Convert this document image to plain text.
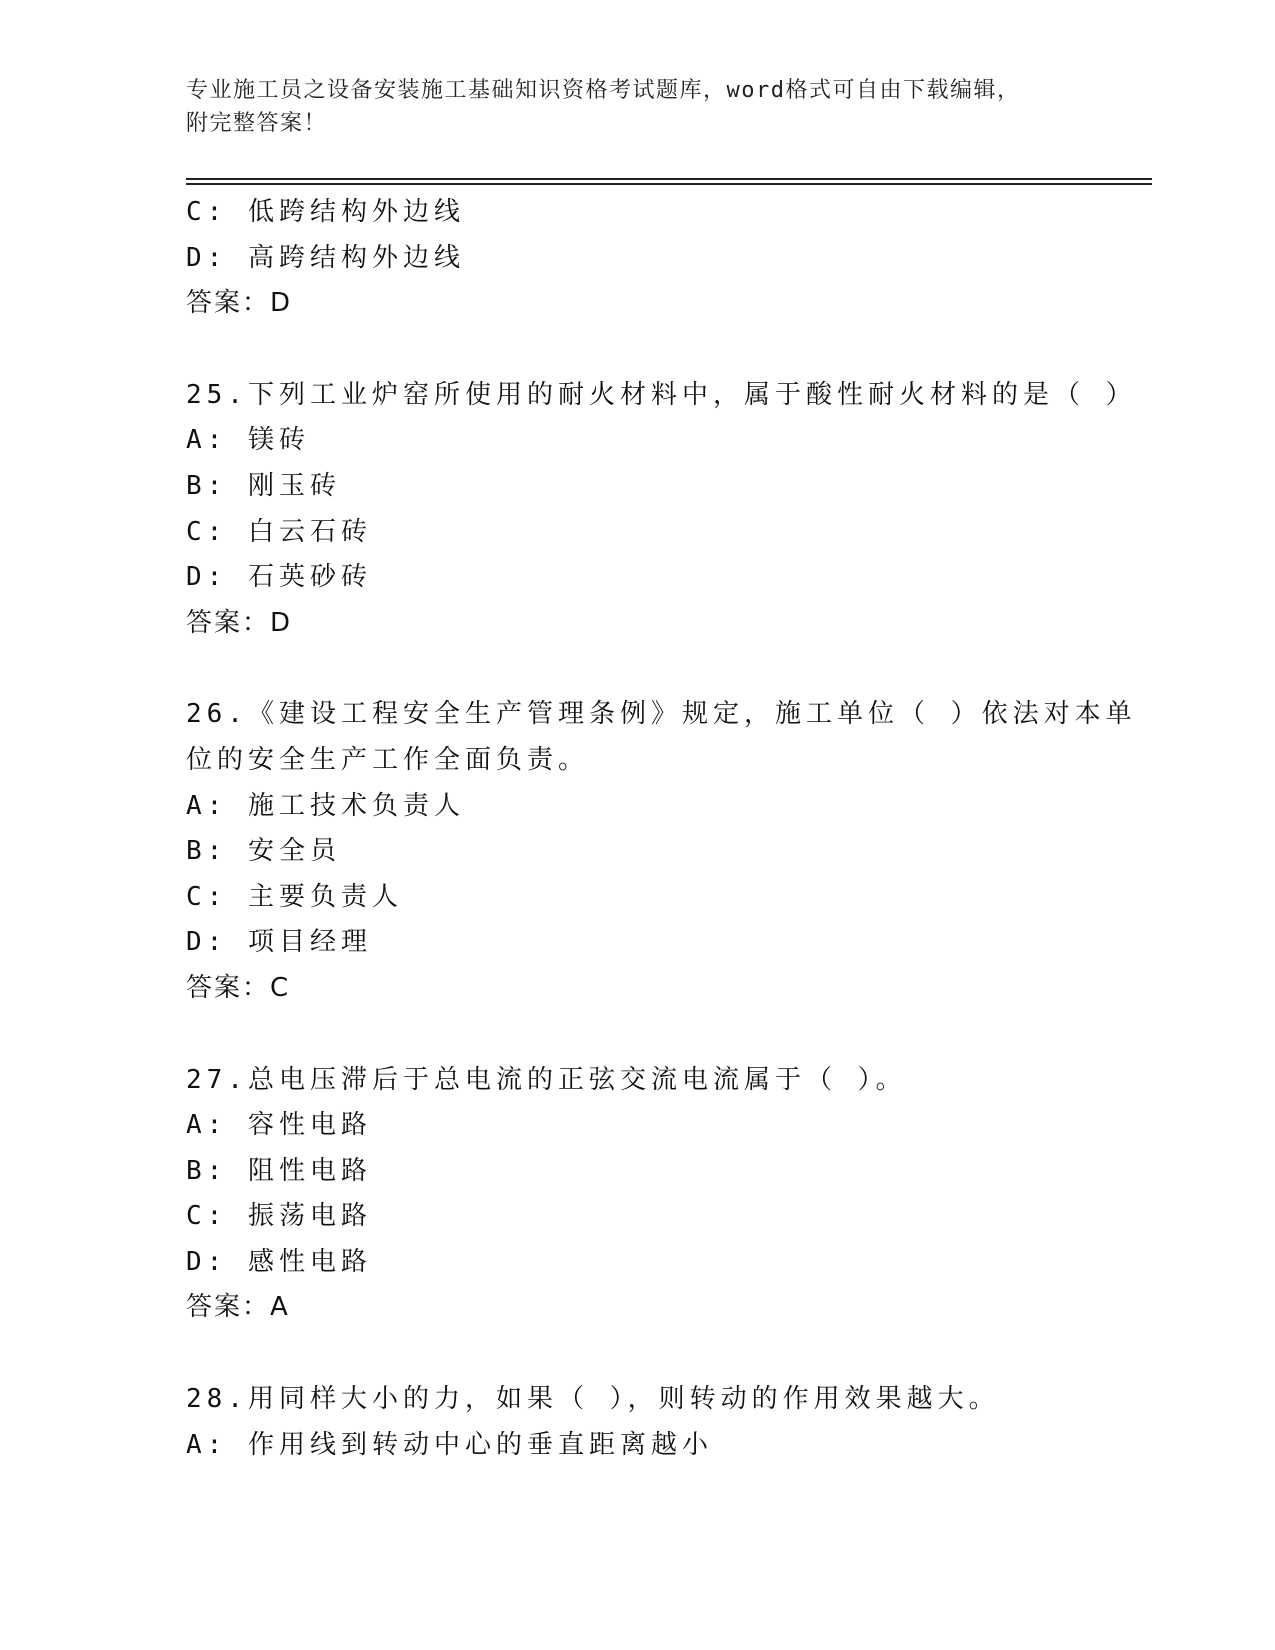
专业施工员之设备安装施工基础知识资格考试题库，word格式可自由下载编辑，
附完整答案！
C: 低跨结构外边线
D: 高跨结构外边线
答案：D
25.下列工业炉窑所使用的耐火材料中，属于酸性耐火材料的是（ ）
A: 镁砖
B: 刚玉砖
C: 白云石砖
D: 石英砂砖
答案：D
26.《建设工程安全生产管理条例》规定，施工单位（ ）依法对本单
位的安全生产工作全面负责。
A: 施工技术负责人
B: 安全员
C: 主要负责人
D: 项目经理
答案：C
27.总电压滞后于总电流的正弦交流电流属于（ ）。
A: 容性电路
B: 阻性电路
C: 振荡电路
D: 感性电路
答案：A
28.用同样大小的力，如果（ ），则转动的作用效果越大。
A: 作用线到转动中心的垂直距离越小
